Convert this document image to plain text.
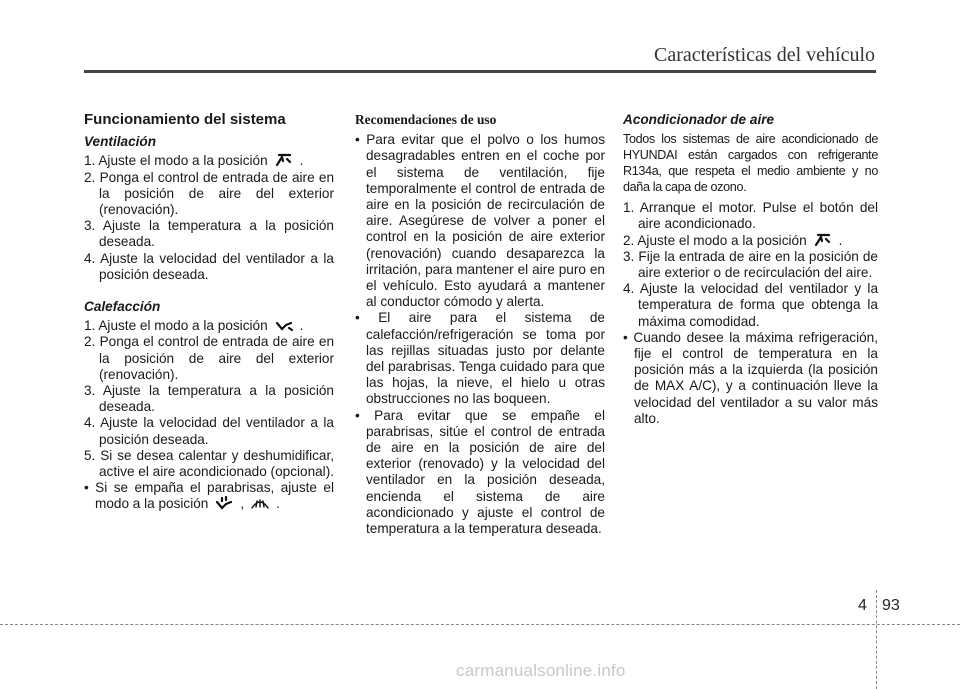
Características del vehículo
Funcionamiento del sistema
Ventilación

1. Ajuste el modo a la posición .

2. Ponga el control de entrada de aire en la posición de aire del exterior (renovación).

3. Ajuste la temperatura a la posición deseada.

4. Ajuste la velocidad del ventilador a la posición deseada.

Calefacción

1. Ajuste el modo a la posición .

2. Ponga el control de entrada de aire en la posición de aire del exterior (renovación).

3. Ajuste la temperatura a la posición deseada.

4. Ajuste la velocidad del ventilador a la posición deseada.

5. Si se desea calentar y deshumidificar, active el aire acondicionado (opcional).

• Si se empaña el parabrisas, ajuste el modo a la posición , .

Recomendaciones de uso

• Para evitar que el polvo o los humos desagradables entren en el coche por el sistema de ventilación, fije temporalmente el control de entrada de aire en la posición de recirculación de aire. Asegúrese de volver a poner el control en la posición de aire exterior (renovación) cuando desaparezca la irritación, para mantener el aire puro en el vehículo. Esto ayudará a mantener al conductor cómodo y alerta.

• El aire para el sistema de calefacción/refrigeración se toma por las rejillas situadas justo por delante del parabrisas. Tenga cuidado para que las hojas, la nieve, el hielo u otras obstrucciones no las boqueen.

• Para evitar que se empañe el parabrisas, sitúe el control de entrada de aire en la posición de aire del exterior (renovado) y la velocidad del ventilador en la posición deseada, encienda el sistema de aire acondicionado y ajuste el control de temperatura a la temperatura deseada.

Acondicionador de aire

Todos los sistemas de aire acondicionado de HYUNDAI están cargados con refrigerante R134a, que respeta el medio ambiente y no daña la capa de ozono.

1. Arranque el motor. Pulse el botón del aire acondicionado.

2. Ajuste el modo a la posición .

3. Fije la entrada de aire en la posición de aire exterior o de recirculación del aire.

4. Ajuste la velocidad del ventilador y la temperatura de forma que obtenga la máxima comodidad.

• Cuando desee la máxima refrigeración, fije el control de temperatura en la posición más a la izquierda (la posición de MAX A/C), y a continuación lleve la velocidad del ventilador a su valor más alto.

4 93
carmanualsonline.info
